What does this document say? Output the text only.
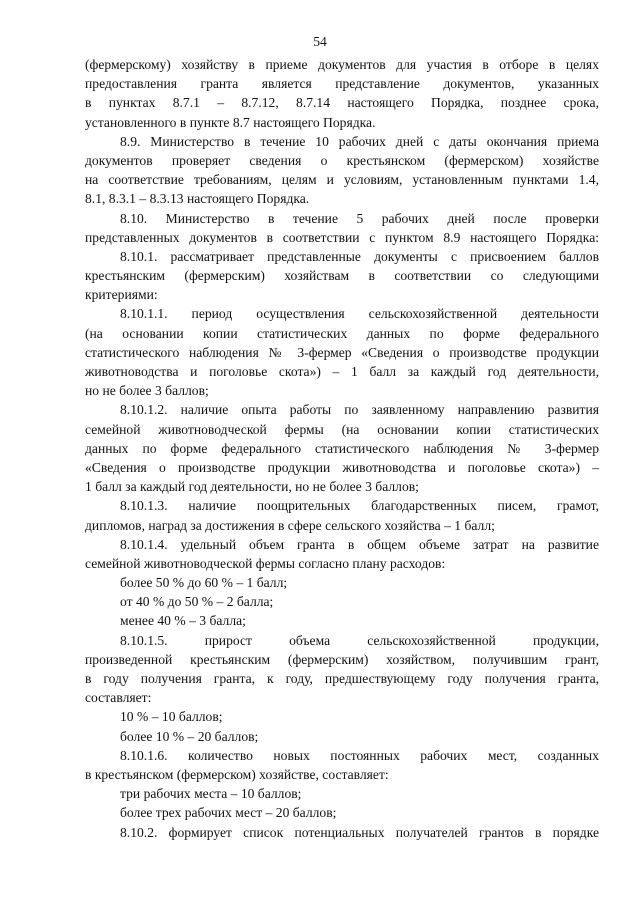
54
(фермерскому) хозяйству в приеме документов для участия в отборе в целях
предоставления гранта является представление документов, указанных
в пунктах 8.7.1 – 8.7.12, 8.7.14 настоящего Порядка, позднее срока,
установленного в пункте 8.7 настоящего Порядка.
8.9. Министерство в течение 10 рабочих дней с даты окончания приема
документов проверяет сведения о крестьянском (фермерском) хозяйстве
на соответствие требованиям, целям и условиям, установленным пунктами 1.4,
8.1, 8.3.1 – 8.3.13 настоящего Порядка.
8.10. Министерство в течение 5 рабочих дней после проверки
представленных документов в соответствии с пунктом 8.9 настоящего Порядка:
8.10.1. рассматривает представленные документы с присвоением баллов
крестьянским (фермерским) хозяйствам в соответствии со следующими
критериями:
8.10.1.1. период осуществления сельскохозяйственной деятельности
(на основании копии статистических данных по форме федерального
статистического наблюдения № 3-фермер «Сведения о производстве продукции
животноводства и поголовье скота») – 1 балл за каждый год деятельности,
но не более 3 баллов;
8.10.1.2. наличие опыта работы по заявленному направлению развития
семейной животноводческой фермы (на основании копии статистических
данных по форме федерального статистического наблюдения № 3-фермер
«Сведения о производстве продукции животноводства и поголовье скота») –
1 балл за каждый год деятельности, но не более 3 баллов;
8.10.1.3. наличие поощрительных благодарственных писем, грамот,
дипломов, наград за достижения в сфере сельского хозяйства – 1 балл;
8.10.1.4. удельный объем гранта в общем объеме затрат на развитие
семейной животноводческой фермы согласно плану расходов:
более 50 % до 60 % – 1 балл;
от 40 % до 50 % – 2 балла;
менее 40 % – 3 балла;
8.10.1.5. прирост объема сельскохозяйственной продукции,
произведенной крестьянским (фермерским) хозяйством, получившим грант,
в году получения гранта, к году, предшествующему году получения гранта,
составляет:
10 % – 10 баллов;
более 10 % – 20 баллов;
8.10.1.6. количество новых постоянных рабочих мест, созданных
в крестьянском (фермерском) хозяйстве, составляет:
три рабочих места – 10 баллов;
более трех рабочих мест – 20 баллов;
8.10.2. формирует список потенциальных получателей грантов в порядке
